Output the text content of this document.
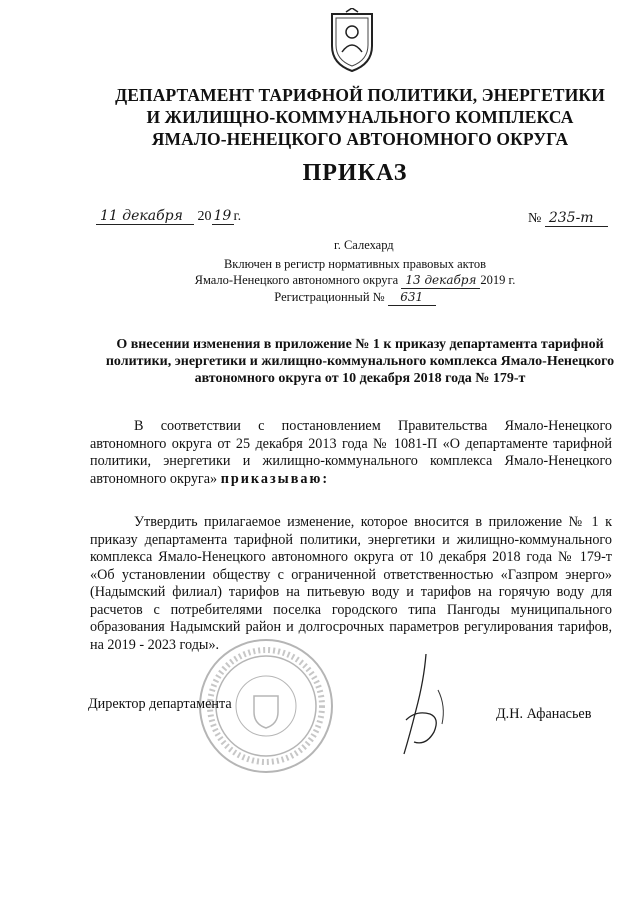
ДЕПАРТАМЕНТ ТАРИФНОЙ ПОЛИТИКИ, ЭНЕРГЕТИКИ
И ЖИЛИЩНО-КОММУНАЛЬНОГО КОМПЛЕКСА
ЯМАЛО-НЕНЕЦКОГО АВТОНОМНОГО ОКРУГА
ПРИКАЗ
11 декабря 20 19 г.	№ 235-т
г. Салехард
Включен в регистр нормативных правовых актов
Ямало-Ненецкого автономного округа 13 декабря 2019 г.
Регистрационный № 631
О внесении изменения в приложение № 1 к приказу департамента тарифной политики, энергетики и жилищно-коммунального комплекса Ямало-Ненецкого автономного округа от 10 декабря 2018 года № 179-т
В соответствии с постановлением Правительства Ямало-Ненецкого автономного округа от 25 декабря 2013 года № 1081-П «О департаменте тарифной политики, энергетики и жилищно-коммунального комплекса Ямало-Ненецкого автономного округа» приказываю:
Утвердить прилагаемое изменение, которое вносится в приложение № 1 к приказу департамента тарифной политики, энергетики и жилищно-коммунального комплекса Ямало-Ненецкого автономного округа от 10 декабря 2018 года № 179-т «Об установлении обществу с ограниченной ответственностью «Газпром энерго» (Надымский филиал) тарифов на питьевую воду и тарифов на горячую воду для расчетов с потребителями поселка городского типа Пангоды муниципального образования Надымский район и долгосрочных параметров регулирования тарифов, на 2019 - 2023 годы».
Директор департамента
Д.Н. Афанасьев
